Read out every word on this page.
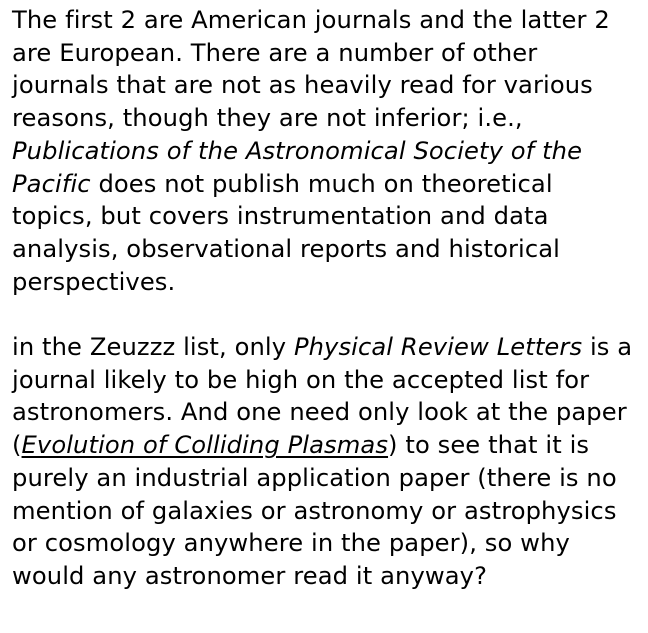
The first 2 are American journals and the latter 2 are European. There are a number of other journals that are not as heavily read for various reasons, though they are not inferior; i.e., Publications of the Astronomical Society of the Pacific does not publish much on theoretical topics, but covers instrumentation and data analysis, observational reports and historical perspectives.

in the Zeuzzz list, only Physical Review Letters is a journal likely to be high on the accepted list for astronomers. And one need only look at the paper (Evolution of Colliding Plasmas) to see that it is purely an industrial application paper (there is no mention of galaxies or astronomy or astrophysics or cosmology anywhere in the paper), so why would any astronomer read it anyway?
